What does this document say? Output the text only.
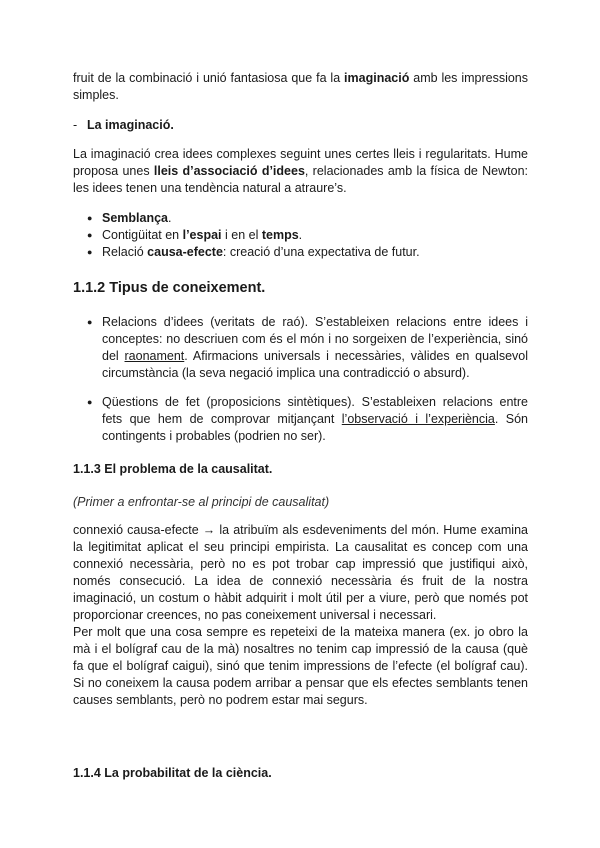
fruit de la combinació i unió fantasiosa que fa la imaginació amb les impressions simples.

- La imaginació.

La imaginació crea idees complexes seguint unes certes lleis i regularitats. Hume proposa unes lleis d’associació d’idees, relacionades amb la física de Newton: les idees tenen una tendència natural a atraure’s.

● Semblança.
● Contigüitat en l’espai i en el temps.
● Relació causa-efecte: creació d’una expectativa de futur.
1.1.2 Tipus de coneixement.
● Relacions d’idees (veritats de raó). S’estableixen relacions entre idees i conceptes: no descriuen com és el món i no sorgeixen de l’experiència, sinó del raonament. Afirmacions universals i necessàries, vàlides en qualsevol circumstància (la seva negació implica una contradicció o absurd).
● Qüestions de fet (proposicions sintètiques). S’estableixen relacions entre fets que hem de comprovar mitjançant l’observació i l’experiència. Són contingents i probables (podrien no ser).
1.1.3 El problema de la causalitat.

(Primer a enfrontar-se al principi de causalitat)

connexió causa-efecte → la atribuïm als esdeveniments del món. Hume examina la legitimitat aplicat el seu principi empirista. La causalitat es concep com una connexió necessària, però no es pot trobar cap impressió que justifiqui això, només consecució. La idea de connexió necessària és fruit de la nostra imaginació, un costum o hàbit adquirit i molt útil per a viure, però que només pot proporcionar creences, no pas coneixement universal i necessari.

Per molt que una cosa sempre es repeteixi de la mateixa manera (ex. jo obro la mà i el bolígraf cau de la mà) nosaltres no tenim cap impressió de la causa (què fa que el bolígraf caigui), sinó que tenim impressions de l’efecte (el bolígraf cau). Si no coneixem la causa podem arribar a pensar que els efectes semblants tenen causes semblants, però no podrem estar mai segurs.

1.1.4 La probabilitat de la ciència.
